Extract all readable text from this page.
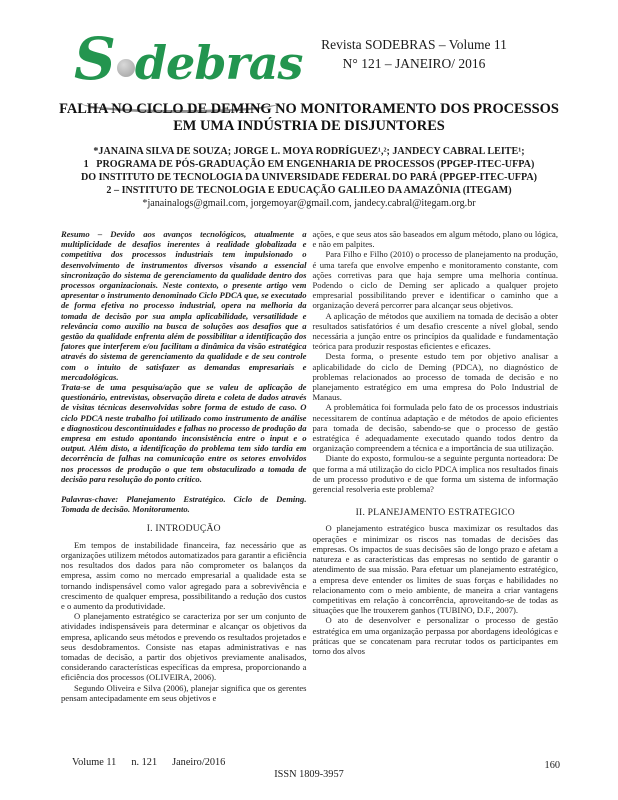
S debras	Revista SODEBRAS – Volume 11
N° 121 – JANEIRO/ 2016
FALHA NO CICLO DE DEMING NO MONITORAMENTO DOS PROCESSOS EM UMA INDÚSTRIA DE DISJUNTORES
*JANAINA SILVA DE SOUZA; JORGE L. MOYA RODRÍGUEZ¹,²; JANDECY CABRAL LEITE¹;
1   PROGRAMA DE PÓS-GRADUAÇÃO EM ENGENHARIA DE PROCESSOS (PPGEP-ITEC-UFPA)
DO INSTITUTO DE TECNOLOGIA DA UNIVERSIDADE FEDERAL DO PARÁ (PPGEP-ITEC-UFPA)
2 – INSTITUTO DE TECNOLOGIA E EDUCAÇÃO GALILEO DA AMAZÔNIA (ITEGAM)
*janainalogs@gmail.com, jorgemoyar@gmail.com, jandecy.cabral@itegam.org.br

Resumo – Devido aos avanços tecnológicos, atualmente a multiplicidade de desafios inerentes à realidade globalizada e competitiva dos processos industriais tem impulsionado o desenvolvimento de instrumentos diversos visando a essencial sincronização do sistema de gerenciamento da qualidade dentro dos processos organizacionais. Neste contexto, o presente artigo vem apresentar o instrumento denominado Ciclo PDCA que, se executado de forma efetiva no processo industrial, opera na melhoria da tomada de decisão por sua ampla aplicabilidade, versatilidade e relevância como auxílio na busca de soluções aos desafios que a gestão da qualidade enfrenta além de possibilitar a identificação dos fatores que interferem e/ou facilitam a dinâmica da visão estratégica através do sistema de gerenciamento da qualidade e de seu controle com o intuito de satisfazer as demandas empresariais e mercadológicas.

Trata-se de uma pesquisa/ação que se valeu de aplicação de questionário, entrevistas, observação direta e coleta de dados através de visitas técnicas desenvolvidas sobre forma de estudo de caso. O ciclo PDCA neste trabalho foi utilizado como instrumento de análise e diagnosticou descontinuidades e falhas no processo de produção da empresa em estudo apontando inconsistência entre o input e o output. Além disto, a identificação do problema tem sido tardia em decorrência de falhas na comunicação entre os setores envolvidos nos processos de produção o que tem obstaculizado a tomada de decisão para resolução do ponto crítico.

Palavras-chave: Planejamento Estratégico. Ciclo de Deming. Tomada de decisão. Monitoramento.

I. INTRODUÇÃO

Em tempos de instabilidade financeira, faz necessário que as organizações utilizem métodos automatizados para garantir a eficiência nos resultados dos dados para não comprometer os balanços da empresa, assim como no mercado empresarial a qualidade esta se tornando indispensável como valor agregado para a sobrevivência e crescimento de qualquer empresa, possibilitando a redução dos custos e o aumento da produtividade.

O planejamento estratégico se caracteriza por ser um conjunto de atividades indispensáveis para determinar e alcançar os objetivos da empresa, aplicando seus métodos e prevendo os resultados projetados e seus desdobramentos. Consiste nas etapas administrativas e nas tomadas de decisão, a partir dos objetivos previamente analisados, considerando características específicas da empresa, proporcionando a eficiência dos processos (OLIVEIRA, 2006).

Segundo Oliveira e Silva (2006), planejar significa que os gerentes pensam antecipadamente em seus objetivos e

ações, e que seus atos são baseados em algum método, plano ou lógica, e não em palpites.

Para Filho e Filho (2010) o processo de planejamento na produção, é uma tarefa que envolve empenho e monitoramento constante, com ações corretivas para que haja sempre uma melhoria contínua. Podendo o ciclo de Deming ser aplicado a qualquer projeto empresarial possibilitando prever e identificar o caminho que a organização deverá percorrer para alcançar seus objetivos.

A aplicação de métodos que auxiliem na tomada de decisão a obter resultados satisfatórios é um desafio crescente a nível global, sendo necessária a junção entre os princípios da qualidade e fundamentação teórica para produzir respostas eficientes e eficazes.

Desta forma, o presente estudo tem por objetivo analisar a aplicabilidade do ciclo de Deming (PDCA), no diagnóstico de problemas relacionados ao processo de tomada de decisão e no planejamento estratégico em uma empresa do Polo Industrial de Manaus.

A problemática foi formulada pelo fato de os processos industriais necessitarem de contínua adaptação e de métodos de apoio eficientes para tomada de decisão, sabendo-se que o processo de gestão estratégica é adequadamente executado quando todos dentro da organização compreendem a técnica e a importância de sua utilização.

Diante do exposto, formulou-se a seguinte pergunta norteadora: De que forma a má utilização do ciclo PDCA implica nos resultados finais de um processo produtivo e de que forma um sistema de informação gerencial resolveria este problema?

II. PLANEJAMENTO ESTRATEGICO

O planejamento estratégico busca maximizar os resultados das operações e minimizar os riscos nas tomadas de decisões das empresas. Os impactos de suas decisões são de longo prazo e afetam a natureza e as características das empresas no sentido de garantir o atendimento de sua missão. Para efetuar um planejamento estratégico, a empresa deve entender os limites de suas forças e habilidades no relacionamento com o meio ambiente, de maneira a criar vantagens competitivas em relação à concorrência, aproveitando-se de todas as situações que lhe trouxerem ganhos (TUBINO, D.F., 2007).

O ato de desenvolver e personalizar o processo de gestão estratégica em uma organização perpassa por abordagens ideológicas e práticas que se concatenam para recrutar todos os participantes em torno dos alvos

Volume 11 n. 121 Janeiro/2016
ISSN 1809-3957
160
